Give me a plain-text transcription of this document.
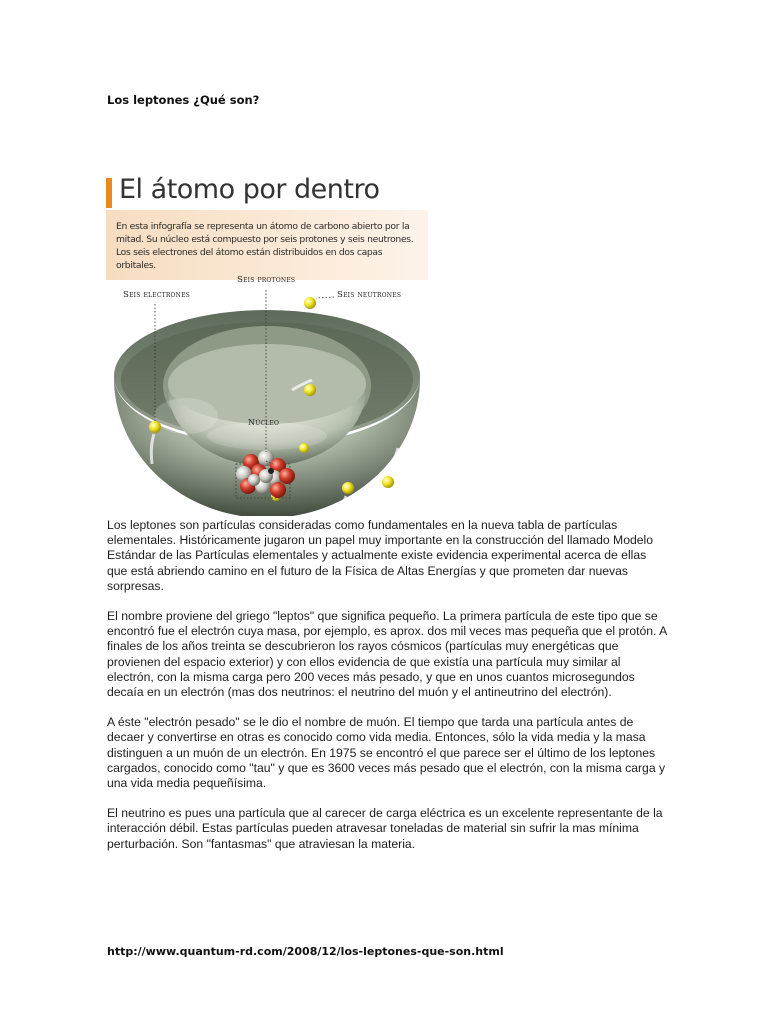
Los leptones ¿Qué son?
El átomo por dentro
En esta infografía se representa un átomo de carbono abierto por la mitad. Su núcleo está compuesto por seis protones y seis neutrones. Los seis electrones del átomo están distribuidos en dos capas orbitales.
Seis protones
Seis electrones	Seis neutrones
Núcleo

Los leptones son partículas consideradas como fundamentales en la nueva tabla de partículas elementales. Históricamente jugaron un papel muy importante en la construcción del llamado Modelo Estándar de las Partículas elementales y actualmente existe evidencia experimental acerca de ellas que está abriendo camino en el futuro de la Física de Altas Energías y que prometen dar nuevas sorpresas.

El nombre proviene del griego "leptos" que significa pequeño. La primera partícula de este tipo que se encontró fue el electrón cuya masa, por ejemplo, es aprox. dos mil veces mas pequeña que el protón. A finales de los años treinta se descubrieron los rayos cósmicos (partículas muy energéticas que provienen del espacio exterior) y con ellos evidencia de que existía una partícula muy similar al electrón, con la misma carga pero 200 veces más pesado, y que en unos cuantos microsegundos decaía en un electrón (mas dos neutrinos: el neutrino del muón y el antineutrino del electrón).

A éste "electrón pesado" se le dio el nombre de muón. El tiempo que tarda una partícula antes de decaer y convertirse en otras es conocido como vida media. Entonces, sólo la vida media y la masa distinguen a un muón de un electrón. En 1975 se encontró el que parece ser el último de los leptones cargados, conocido como "tau" y que es 3600 veces más pesado que el electrón, con la misma carga y una vida media pequeñísima.

El neutrino es pues una partícula que al carecer de carga eléctrica es un excelente representante de la interacción débil. Estas partículas pueden atravesar toneladas de material sin sufrir la mas mínima perturbación. Son "fantasmas" que atraviesan la materia.

http://www.quantum-rd.com/2008/12/los-leptones-que-son.html
